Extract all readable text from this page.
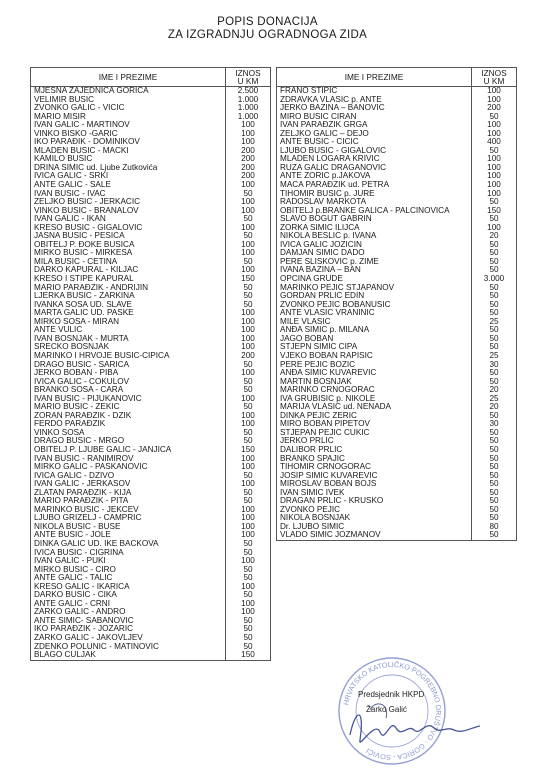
POPIS DONACIJA
ZA IZGRADNJU OGRADNOGA ZIDA
IME I PREZIME	IZNOS
U KM
MJESNA ZAJEDNICA GORICA	2.500
VELIMIR BUŠIĆ	1.000
ZVONKO GALIĆ - VICIĆ	1.000
MARIO MISIR	1.000
IVAN GALIĆ - MARTINOV	100
VINKO BIŠKO -GARIĆ	100
IKO PARAĐIK - DOMINIKOV	100
MLADEN BUŠIĆ - MAĆKI	200
KAMILO BUŠIĆ	200
DRINA ŠIMIĆ ud. Ljube Žutkovića	200
IVICA GALIĆ - SRKI	200
ANTE GALIĆ - ŠALE	100
IVAN BUŠIĆ - IVAĆ	50
ŽELJKO BUŠIĆ - JERKAČIĆ	100
VINKO BUŠIĆ - BRANALOV	100
IVAN GALIĆ - IKAN	50
KREŠO BUŠIĆ - GIGALOVIĆ	100
JASNA BUŠIĆ - PEŠICA	50
OBITELJ P. ĐOKE BUŠIĆA	100
MIRKO BUŠIĆ - MIRKEŠA	100
MILA BUŠIĆ - ČETINA	50
DARKO KAPURAL - KILJAČ	100
KREŠO I STIPE KAPURAL	150
MARIO PARAĐŽIK - ANDRIJIN	50
LJERKA BUŠIĆ - ŽARKINA	50
IVANKA SOSA UD. SLAVE	50
MARTA GALIĆ UD. PAŠKE	100
MIRKO SOSA - MIRAN	100
ANTE VULIĆ	100
IVAN BOŠNJAK - MURTA	100
SREĆKO BOŠNJAK	100
MARINKO I HRVOJE BUŠIĆ-ĆIPIĆA	200
DRAGO BUŠIĆ - ŠARIĆA	50
JERKO BOBAN - PIBA	100
IVICA GALIĆ - ČOKULOV	50
BRANKO SOSA - ČARA	50
IVAN BUŠIĆ - PIJUKANOVIĆ	100
MARIO BUŠIĆ - ZEKIĆ	50
ZORAN PARAĐŽIK - DŽIK	100
FERDO PARAĐŽIK	100
VINKO SOSA	50
DRAGO BUŠIĆ - MRGO	50
OBITELJ P. LJUBE GALIĆ - JANJIĆA	150
IVAN BUŠIĆ - RANIMIROV	100
MIRKO GALIĆ - PAŠKANOVIĆ	100
IVICA GALIĆ - DŽIVO	50
IVAN GALIĆ - JERKASOV	100
ZLATAN PARAĐŽIK - KIJA	50
MARIO PARAĐŽIK - PITA	50
MARINKO BUŠIĆ - JEKČEV	100
LJUBO GRIZELJ - ČAMPRIĆ	100
NIKOLA BUŠIĆ - BUŠE	100
ANTE BUŠIĆ - JOLE	100
DINKA GALIĆ UD. IKE BAĆKOVA	50
IVICA BUŠIĆ - ČIGRINA	50
IVAN GALIĆ - PUKI	100
MIRKO BUŠIĆ - ĆIRO	50
ANTE GALIĆ - TALIĆ	50
KREŠO GALIĆ - IKARIĆA	100
DARKO BUŠIĆ - ĆIKA	50
ANTE GALIĆ - ĆRNI	100
ŽARKO GALIĆ - ANDRO	100
ANTE ŠIMIĆ- ŠABANOVIĆ	50
IKO PARAĐŽIK - JOZARIĆ	50
ŽARKO GALIĆ - JAKOVLJEV	50
ZDENKO POLUNIĆ - MATINOVIĆ	50
BLAGO ĆULJAK	150
IME I PREZIME	IZNOS
U KM
FRANO STIPIĆ	100
ZDRAVKA VLAŠIĆ p. ANTE	100
JERKO BAZINA – BANOVIĆ	200
MIRO BUŠIĆ ĆIRAN	50
IVAN PARAĐŽIK GRGA	100
ŽELJKO GALIĆ – DEJO	100
ANTE BUŠIĆ - ĆIĆIĆ	400
LJUBO BUŠIĆ - GIGALOVIĆ	50
MLADEN LOGARA KRIVIĆ	100
RUŽA GALIĆ DRAGANOVIĆ	100
ANTE ZORIĆ p.JAKOVA	100
MAĆA PARAĐŽIK ud. PETRA	100
TIHOMIR BUŠIĆ p. JURE	100
RADOSLAV MARKOTA	50
OBITELJ p.BRANKE GALIĆA - PALČINOVIĆA	150
SLAVO BOGUT GABRIN	50
ZORKA ŠIMIĆ ILIJCA	100
NIKOLA BEŠLIĆ p. IVANA	20
IVICA GALIĆ JOZIĆIN	50
DAMJAN ŠIMIĆ DADO	50
PERE SLIŠKOVIĆ p. ZIME	50
IVANA BAZINA – BAN	50
OPĆINA GRUDE	3.000
MARINKO PEJIĆ STJAPANOV	50
GORDAN PRLIĆ EDIN	50
ZVONKO PEJIĆ BOBANUŠIĆ	50
ANTE VLAŠIĆ VRANINIĆ	50
MILE VLAŠIĆ	25
ANĐA ŠIMIĆ p. MILANA	50
JAGO BOBAN	50
STJEPN ŠIMIĆ ĆIPA	50
VJEKO BOBAN RAPIŠIĆ	25
PERE PEJIĆ BOŽIĆ	30
ANĐA ŠIMIĆ KUVAREVIĆ	50
MARTIN BOŠNJAK	50
MARINKO CRNOGORAC	20
IVA GRUBIŠIĆ p. NIKOLE	25
MARIJA VLAŠIĆ ud. NENADA	20
DINKA PEJIĆ ŽERIĆ	50
MIRO BOBAN PIPETOV	30
STJEPAN PEJIĆ ĆUKIĆ	50
JERKO PRLIĆ	50
DALIBOR PRLIĆ	50
BRANKO SPAJIĆ	50
TIHOMIR CRNOGORAC	50
JOSIP ŠIMIĆ KUVAREVIĆ	50
MIROSLAV BOBAN BOJS	50
IVAN ŠIMIĆ IVEK	50
DRAGAN PRLIĆ - KRUŠKO	50
ZVONKO PEJIĆ	50
NIKOLA BOŠNJAK	50
Dr. LJUBO ŠIMIĆ	80
VLADO ŠIMIĆ JOZMANOV	50
HRVATSKO KATOLIČKO POGREBNO DRUŠTVO · GORICA - SOVIĆI
Predsjednik HKPD
Žarko Galić
